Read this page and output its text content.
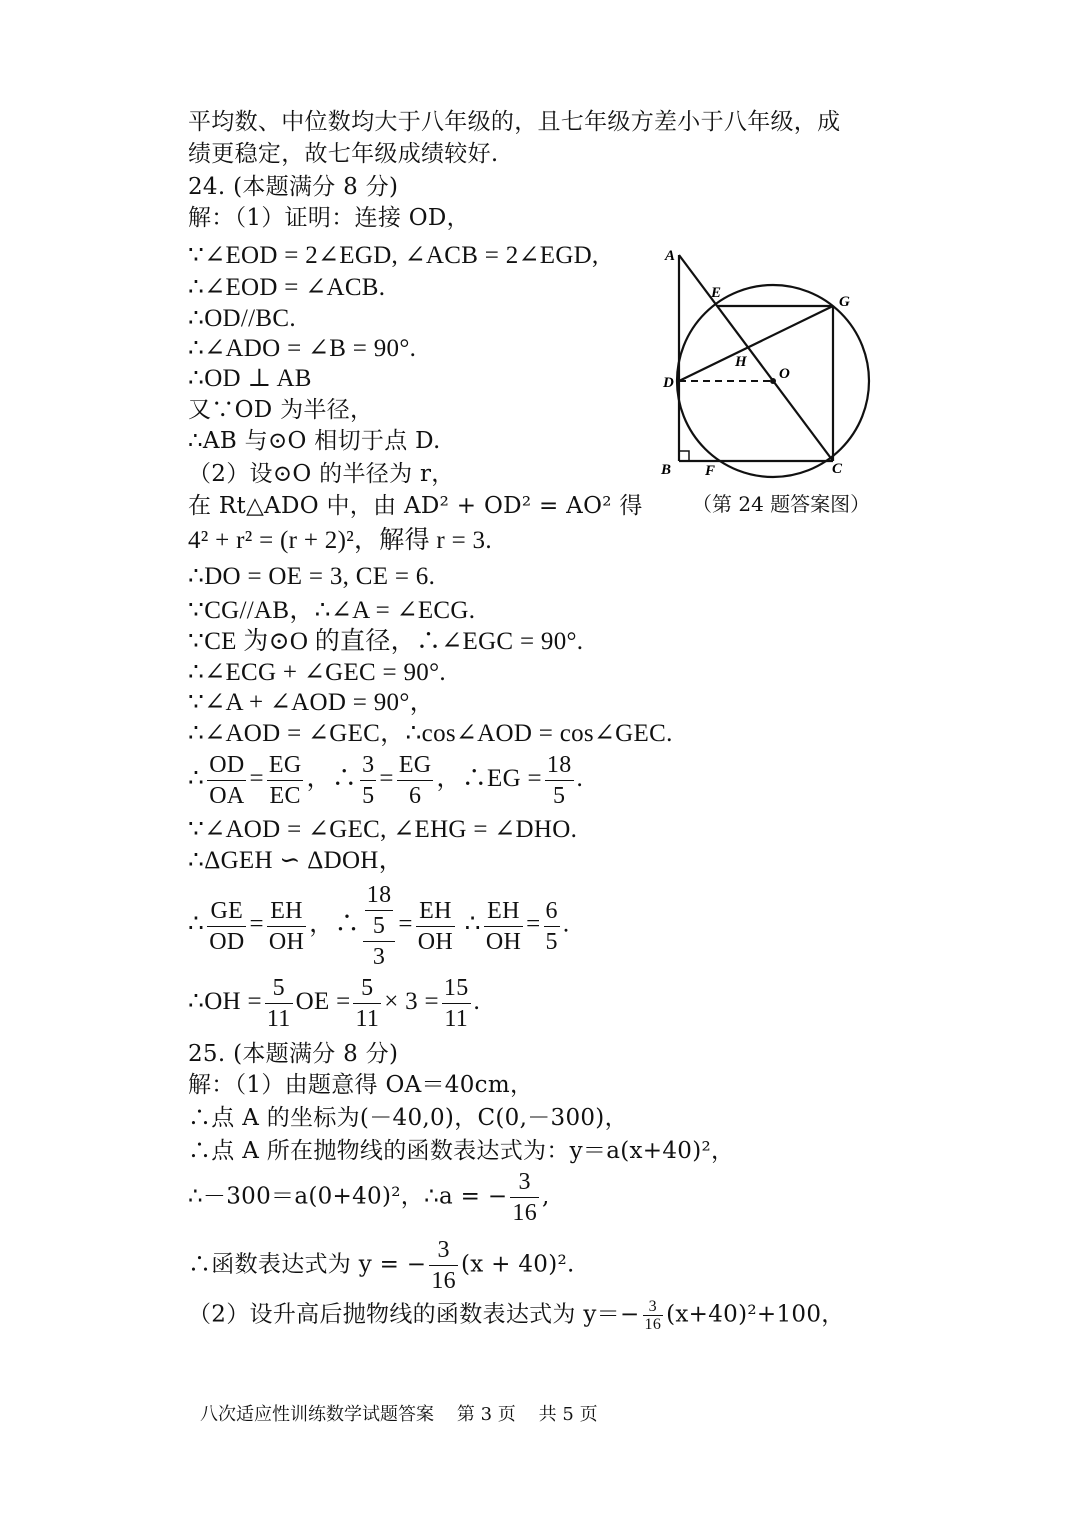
平均数、中位数均大于八年级的，且七年级方差小于八年级，成
绩更稳定，故七年级成绩较好.
24. (本题满分 8 分)
解：（1）证明：连接 OD，
∵∠EOD = 2∠EGD, ∠ACB = 2∠EGD,
∴∠EOD = ∠ACB.
∴OD//BC.
∴∠ADO = ∠B = 90°.
∴OD ⊥ AB
又∵OD 为半径，
∴AB 与⊙O 相切于点 D.
（2）设⊙O 的半径为 r，
在 Rt△ADO 中，由 AD² + OD² = AO² 得
4² + r² = (r + 2)²，解得 r = 3.
∴DO = OE = 3, CE = 6.
∵CG//AB，∴∠A = ∠ECG.
∵CE 为⊙O 的直径，∴∠EGC = 90°.
∴∠ECG + ∠GEC = 90°.
∵∠A + ∠AOD = 90°，
∴∠AOD = ∠GEC，∴cos∠AOD = cos∠GEC.
∴ $\frac{OD}{OA} = \frac{EG}{EC}$ ，∴ $\frac{3}{5} = \frac{EG}{6}$ ，∴EG = $\frac{18}{5}$ .
∵∠AOD = ∠GEC, ∠EHG = ∠DHO.
∴ΔGEH ∽ ΔDOH，
∴ $\frac{GE}{OD} = \frac{EH}{OH}$ ，∴ $\frac{\frac{18}{5}}{3} = \frac{EH}{OH}$ ∴ $\frac{EH}{OH} = \frac{6}{5}$ .
∴OH = $\frac{5}{11}$ OE = $\frac{5}{11} \times 3 = \frac{15}{11}$ .
25. (本题满分 8 分)
解：（1）由题意得 OA＝40cm，
∴点 A 的坐标为(－40,0)，C(0,－300)，
∴点 A 所在抛物线的函数表达式为：y＝a(x+40)²，
∴－300＝a(0+40)²，∴a = − $\frac{3}{16}$ ,
∴函数表达式为 y = − $\frac{3}{16} (x + 40)^2$.
（2）设升高后抛物线的函数表达式为 $y=- \frac{3}{16} (x+40)^2+100$，
A
E
G
H
O
D
B F	C
（第 24 题答案图）
八次适应性训练数学试题答案    第 3 页    共 5 页
